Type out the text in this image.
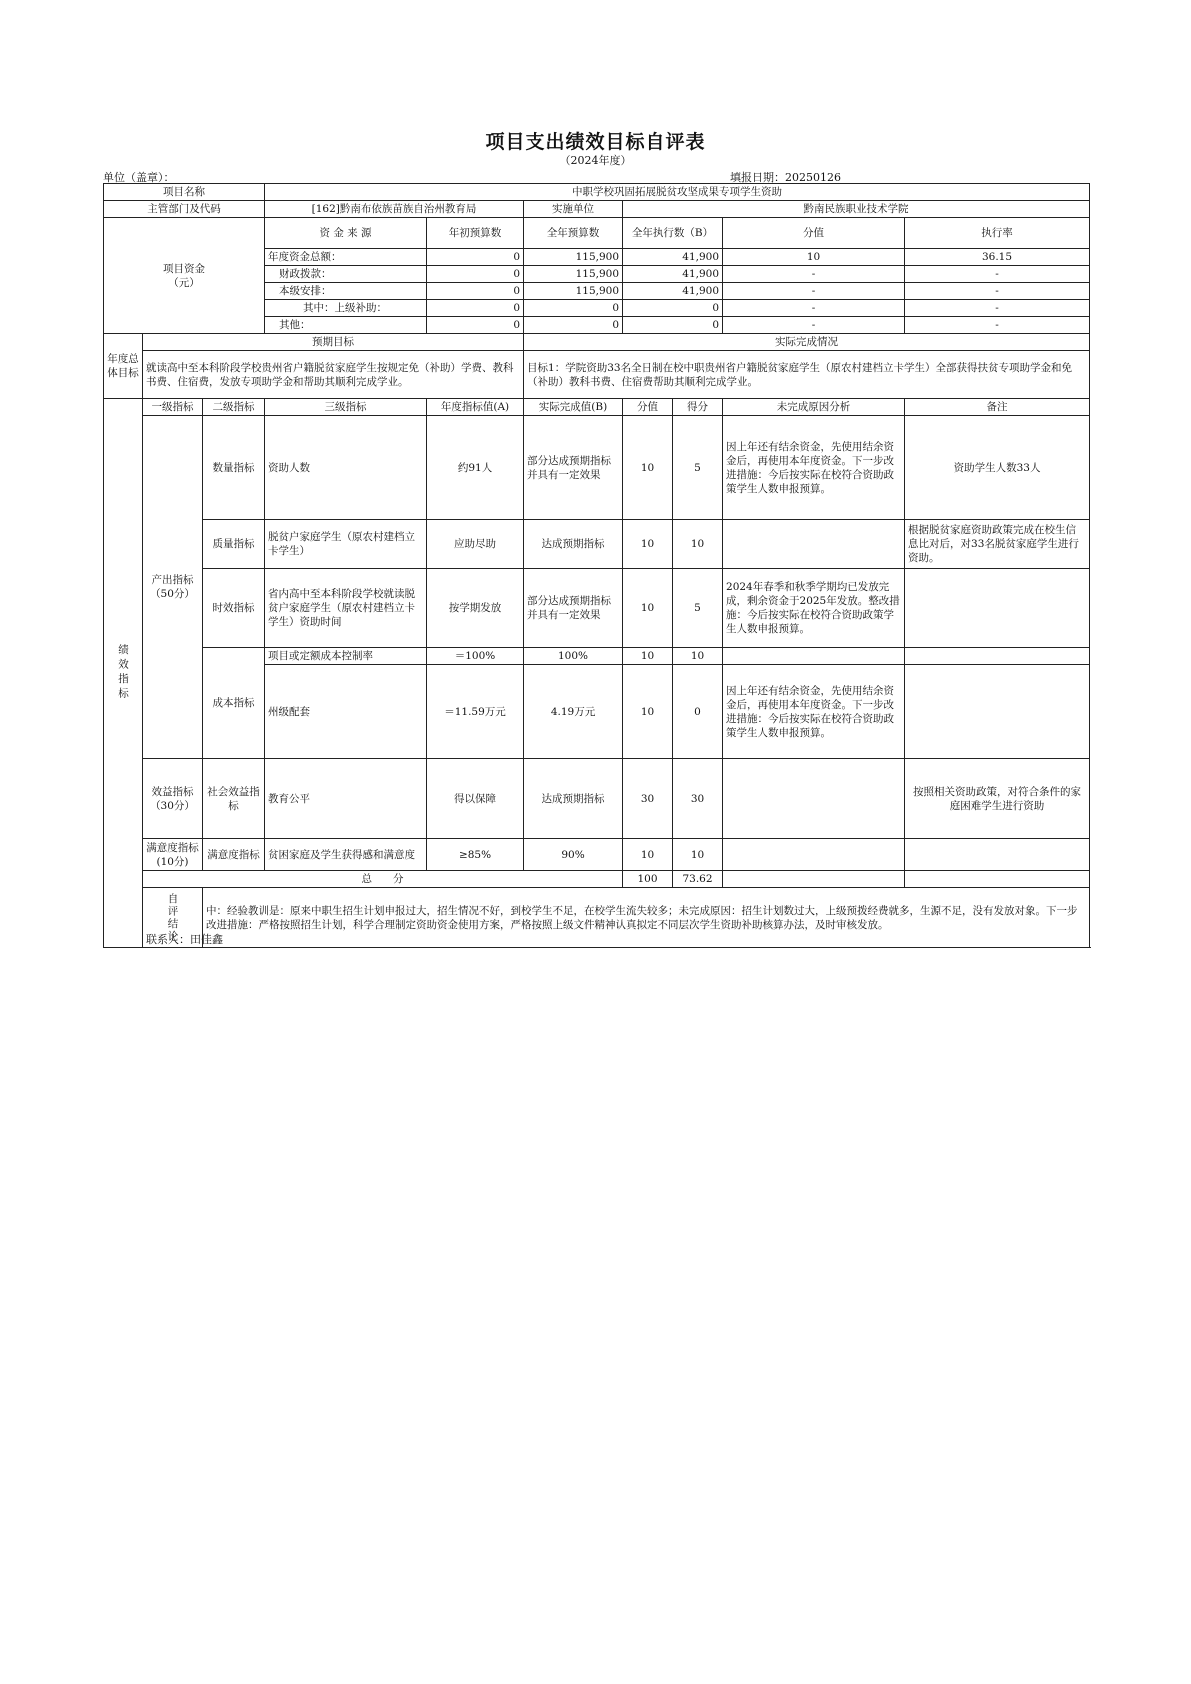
项目支出绩效目标自评表
（2024年度）
单位（盖章）：	填报日期：20250126
项目名称			中职学校巩固拓展脱贫攻坚成果专项学生资助							
主管部门及代码			[162]黔南布依族苗族自治州教育局		实施单位	黔南民族职业技术学院				

项目资金
（元）			资 金 来 源	年初预算数	全年预算数	全年执行数（B）		分值	执行率	
			年度资金总额：	0	115,900	41,900		10	36.15	
			财政拨款：	0	115,900	41,900		-	-	
			本级安排：	0	115,900	41,900		-	-	
			其中：上级补助：	0	0	0		-	-	
			其他：	0	0	0		-	-	
年度总体目标	预期目标				实际完成情况					
	就读高中至本科阶段学校贵州省户籍脱贫家庭学生按规定免（补助）学费、教科书费、住宿费，发放专项助学金和帮助其顺利完成学业。				目标1：学院资助33名全日制在校中职贵州省户籍脱贫家庭学生（原农村建档立卡学生）全部获得扶贫专项助学金和免（补助）教科书费、住宿费帮助其顺利完成学业。					

绩效指标	一级指标	二级指标	三级指标	年度指标值(A)	实际完成值(B)	分值	得分	未完成原因分析	备注	
	产出指标（50分）	数量指标	资助人数	约91人	部分达成预期指标并具有一定效果	10	5	因上年还有结余资金，先使用结余资金后，再使用本年度资金。下一步改进措施：今后按实际在校符合资助政策学生人数申报预算。	资助学生人数33人	
		质量指标	脱贫户家庭学生（原农村建档立卡学生）	应助尽助	达成预期指标	10	10		根据脱贫家庭资助政策完成在校生信息比对后，对33名脱贫家庭学生进行资助。	
		时效指标	省内高中至本科阶段学校就读脱贫户家庭学生（原农村建档立卡学生）资助时间	按学期发放	部分达成预期指标并具有一定效果	10	5	2024年春季和秋季学期均已发放完成，剩余资金于2025年发放。整改措施：今后按实际在校符合资助政策学生人数申报预算。		
		成本指标	项目或定额成本控制率	＝100%	100%	10	10			
			州级配套	＝11.59万元	4.19万元	10	0	因上年还有结余资金，先使用结余资金后，再使用本年度资金。下一步改进措施：今后按实际在校符合资助政策学生人数申报预算。		
	效益指标（30分）	社会效益指标	教育公平	得以保障	达成预期指标	30	30		按照相关资助政策，对符合条件的家庭困难学生进行资助	
	满意度指标(10分)	满意度指标	贫困家庭及学生获得感和满意度	≥85%	90%	10	10			
	总　　分					100	73.62			

	自评结论	中：经验教训是：原来中职生招生计划申报过大，招生情况不好，到校学生不足，在校学生流失较多；未完成原因：招生计划数过大，上级预拨经费就多，生源不足，没有发放对象。下一步改进措施：严格按照招生计划，科学合理制定资助资金使用方案，严格按照上级文件精神认真拟定不同层次学生资助补助核算办法，及时审核发放。								
联系人：田佳鑫
